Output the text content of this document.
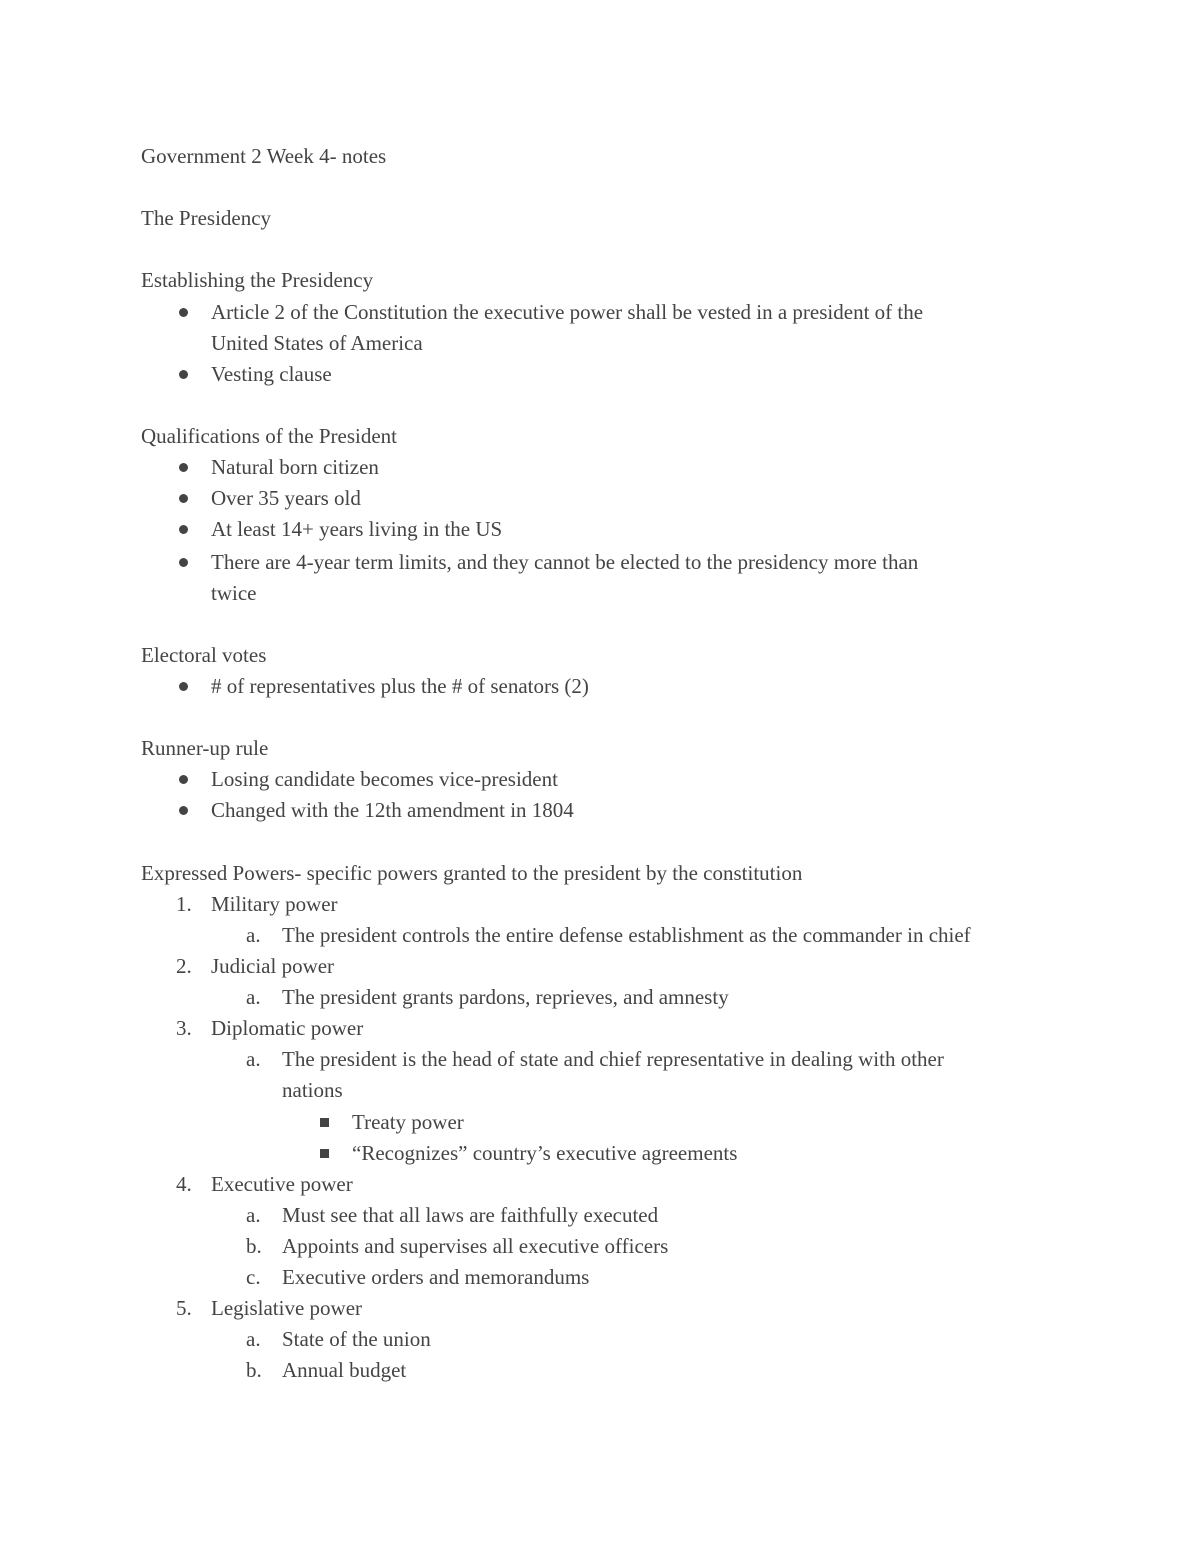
Government 2 Week 4- notes
The Presidency
Establishing the Presidency
Article 2 of the Constitution the executive power shall be vested in a president of the
United States of America
Vesting clause
Qualifications of the President
Natural born citizen
Over 35 years old
At least 14+ years living in the US
There are 4-year term limits, and they cannot be elected to the presidency more than
twice
Electoral votes
# of representatives plus the # of senators (2)
Runner-up rule
Losing candidate becomes vice-president
Changed with the 12th amendment in 1804
Expressed Powers- specific powers granted to the president by the constitution
1. Military power
a. The president controls the entire defense establishment as the commander in chief
2. Judicial power
a. The president grants pardons, reprieves, and amnesty
3. Diplomatic power
a. The president is the head of state and chief representative in dealing with other
nations
Treaty power
“Recognizes” country’s executive agreements
4. Executive power
a. Must see that all laws are faithfully executed
b. Appoints and supervises all executive officers
c. Executive orders and memorandums
5. Legislative power
a. State of the union
b. Annual budget
